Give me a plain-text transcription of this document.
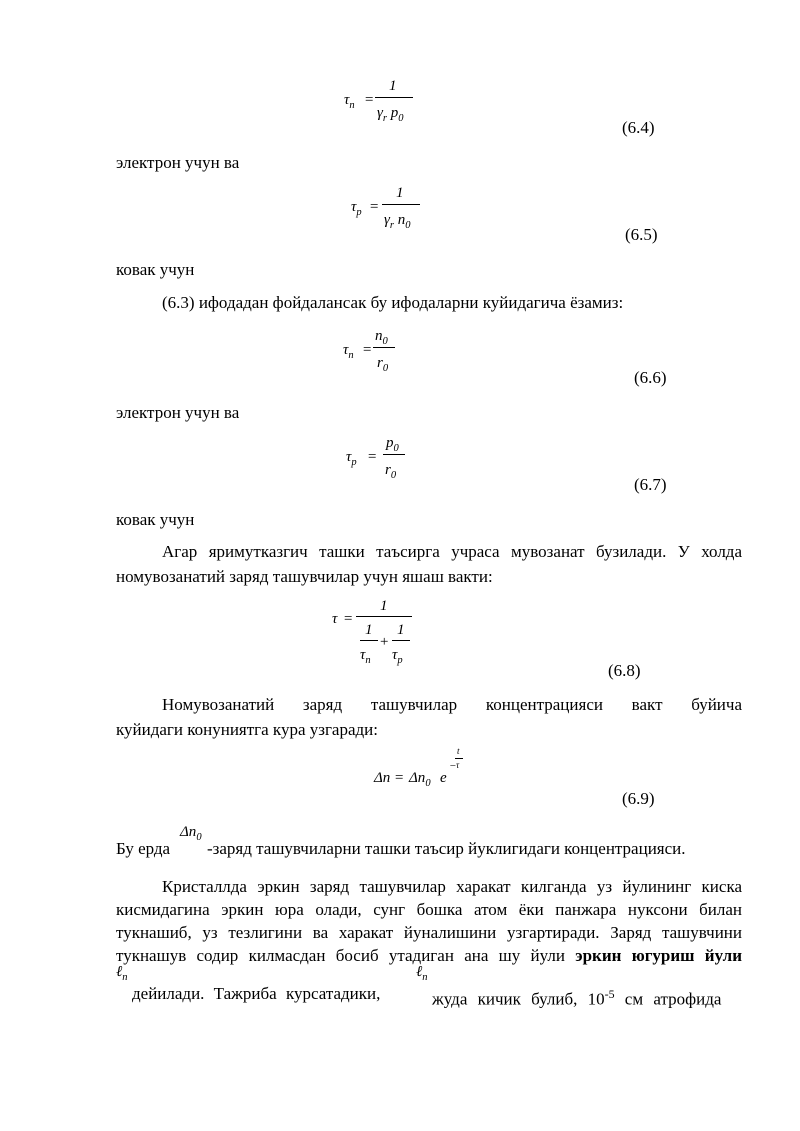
$\tau_n$ =
1
$\gamma_r$ $p_0$	(6.4)
электрон учун ва
$\tau_p$ =
1
$\gamma_r$ $n_0$	(6.5)
ковак учун
(6.3) ифодадан фойдалансак бу ифодаларни куйидагича ёзамиз:
$\tau_n$ =
$n_0$
$r_0$	(6.6)
электрон учун ва
$\tau_p$ =
$p_0$
$r_0$	(6.7)
ковак учун
Агар яримутказгич ташки таъсирга учраса мувозанат бузилади. У холда
номувозанатий заряд ташувчилар учун яшаш вакти:
τ =
1
1
$\tau_n$
+
1
$\tau_p$
(6.8)
Номувозанатий заряд ташувчилар концентрацияси вакт буйича
куйидаги конуниятга кура узгаради:
$\Delta n = \Delta n_0$ e
−
t
τ
(6.9)
Бу ерда
$\Delta n_0$
-заряд ташувчиларни ташки таъсир йуклигидаги концентрацияси.
Кристаллда эркин заряд ташувчилар харакат килганда уз йулининг киска
кисмидагина эркин юра олади, сунг бошка атом ёки панжара нуксони билан
тукнашиб, уз тезлигини ва харакат йуналишини узгартиради. Заряд ташувчини
тукнашув содир килмасдан босиб утадиган ана шу йули эркин югуриш йули
ℓ$_n$
дейилади. Тажриба курсатадики,
ℓ$_n$
жуда кичик булиб, $10^{-5}$ см атрофида
